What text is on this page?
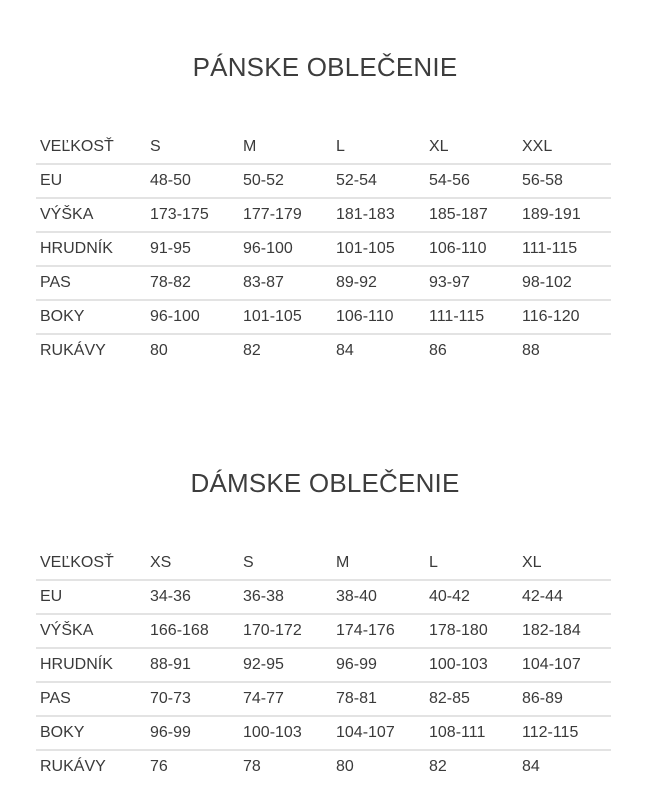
PÁNSKE OBLEČENIE
VEĽKOSŤ	S	M	L	XL	XXL
EU	48-50	50-52	52-54	54-56	56-58
VÝŠKA	173-175	177-179	181-183	185-187	189-191
HRUDNÍK	91-95	96-100	101-105	106-110	111-115
PAS	78-82	83-87	89-92	93-97	98-102
BOKY	96-100	101-105	106-110	111-115	116-120
RUKÁVY	80	82	84	86	88
DÁMSKE OBLEČENIE
VEĽKOSŤ	XS	S	M	L	XL
EU	34-36	36-38	38-40	40-42	42-44
VÝŠKA	166-168	170-172	174-176	178-180	182-184
HRUDNÍK	88-91	92-95	96-99	100-103	104-107
PAS	70-73	74-77	78-81	82-85	86-89
BOKY	96-99	100-103	104-107	108-111	112-115
RUKÁVY	76	78	80	82	84
